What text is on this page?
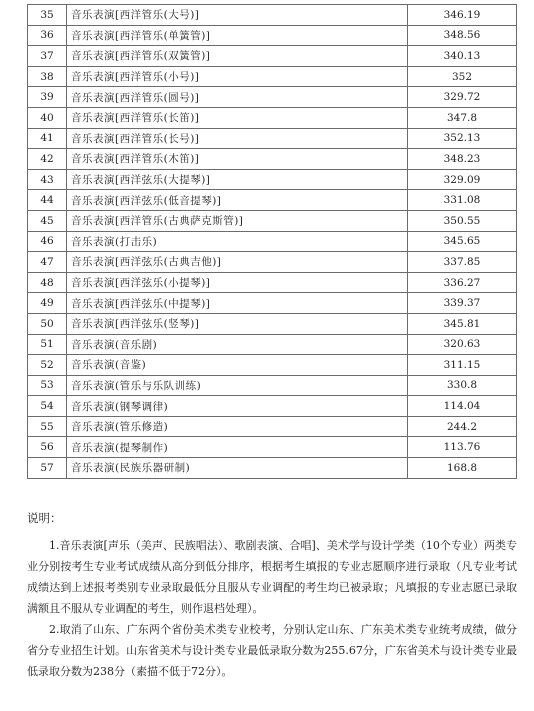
35	音乐表演[西洋管乐(大号)]	346.19
36	音乐表演[西洋管乐(单簧管)]	348.56
37	音乐表演[西洋管乐(双簧管)]	340.13
38	音乐表演[西洋管乐(小号)]	352
39	音乐表演[西洋管乐(圆号)]	329.72
40	音乐表演[西洋管乐(长笛)]	347.8
41	音乐表演[西洋管乐(长号)]	352.13
42	音乐表演[西洋管乐(木笛)]	348.23
43	音乐表演[西洋弦乐(大提琴)]	329.09
44	音乐表演[西洋弦乐(低音提琴)]	331.08
45	音乐表演[西洋管乐(古典萨克斯管)]	350.55
46	音乐表演(打击乐)	345.65
47	音乐表演[西洋弦乐(古典吉他)]	337.85
48	音乐表演[西洋弦乐(小提琴)]	336.27
49	音乐表演[西洋弦乐(中提琴)]	339.37
50	音乐表演[西洋弦乐(竖琴)]	345.81
51	音乐表演(音乐剧)	320.63
52	音乐表演(音鉴)	311.15
53	音乐表演(管乐与乐队训练)	330.8
54	音乐表演(钢琴调律)	114.04
55	音乐表演(管乐修造)	244.2
56	音乐表演(提琴制作)	113.76
57	音乐表演(民族乐器研制)	168.8
说明：

1.音乐表演[声乐（美声、民族唱法）、歌剧表演、合唱]、美术学与设计学类（10个专业）两类专业分别按考生专业考试成绩从高分到低分排序，根据考生填报的专业志愿顺序进行录取（凡专业考试成绩达到上述报考类别专业录取最低分且服从专业调配的考生均已被录取；凡填报的专业志愿已录取满额且不服从专业调配的考生，则作退档处理）。

2.取消了山东、广东两个省份美术类专业校考，分别认定山东、广东美术类专业统考成绩，做分省分专业招生计划。山东省美术与设计类专业最低录取分数为255.67分，广东省美术与设计类专业最低录取分数为238分（素描不低于72分）。
